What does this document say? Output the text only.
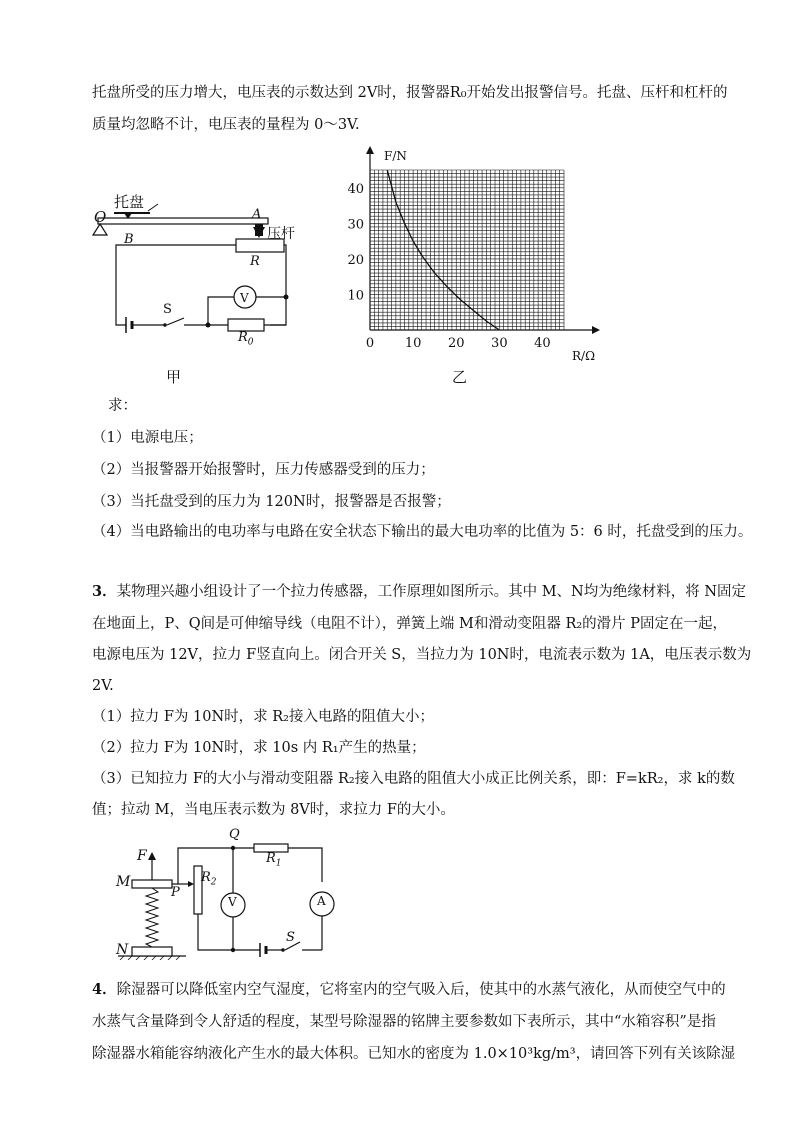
托盘所受的压力增大，电压表的示数达到 2V时，报警器R₀开始发出报警信号。托盘、压杆和杠杆的
质量均忽略不计，电压表的量程为 0～3V.
托盘
O
B
A
压杆
R
S
V
$R_0$
甲
0 10 20 30 40
10
20
30
40
F/N
R/Ω
乙
求：
（1）电源电压；
（2）当报警器开始报警时，压力传感器受到的压力；
（3）当托盘受到的压力为 120N时，报警器是否报警；
（4）当电路输出的电功率与电路在安全状态下输出的最大电功率的比值为 5：6 时，托盘受到的压力。
3．某物理兴趣小组设计了一个拉力传感器，工作原理如图所示。其中 M、N均为绝缘材料，将 N固定
在地面上，P、Q间是可伸缩导线（电阻不计），弹簧上端 M和滑动变阻器 R₂的滑片 P固定在一起，
电源电压为 12V，拉力 F竖直向上。闭合开关 S，当拉力为 10N时，电流表示数为 1A，电压表示数为
2V.
（1）拉力 F为 10N时，求 R₂接入电路的阻值大小；
（2）拉力 F为 10N时，求 10s 内 R₁产生的热量；
（3）已知拉力 F的大小与滑动变阻器 R₂接入电路的阻值大小成正比例关系，即：F=kR₂，求 k的数
值；拉动 M，当电压表示数为 8V时，求拉力 F的大小。
F
M
N
P
Q
$R_1$
$R_2$
V	A
S
4．除湿器可以降低室内空气湿度，它将室内的空气吸入后，使其中的水蒸气液化，从而使空气中的
水蒸气含量降到令人舒适的程度，某型号除湿器的铭牌主要参数如下表所示，其中“水箱容积”是指
除湿器水箱能容纳液化产生水的最大体积。已知水的密度为 1.0×10³kg/m³，请回答下列有关该除湿
